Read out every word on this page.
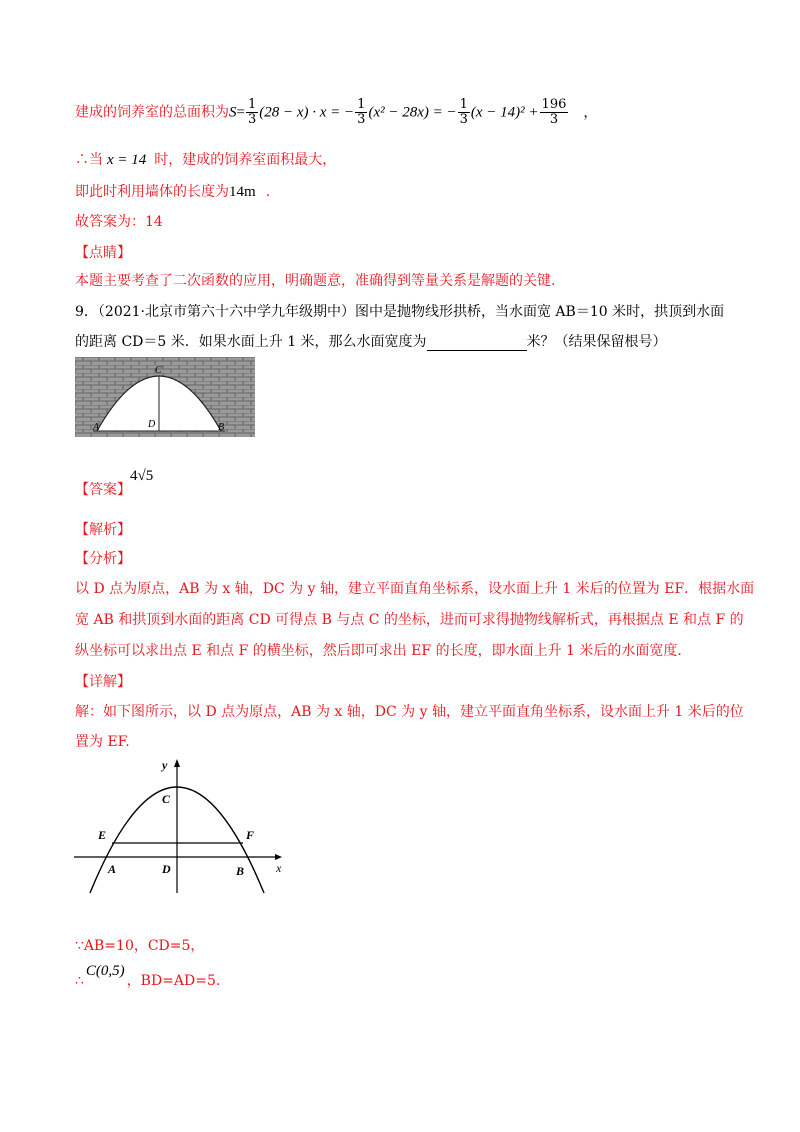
建成的饲养室的总面积为$S= \frac{1}{3} (28 - x) \cdot x$ = − $\frac{1}{3} (x^2 - 28x)$ = − $\frac{1}{3} (x - 14)^2 + \frac{196}{3}$ ，
∴当 x = 14 时，建成的饲养室面积最大，
即此时利用墙体的长度为14m .
故答案为：14
【点睛】
本题主要考查了二次函数的应用，明确题意，准确得到等量关系是解题的关键.
9．（2021·北京市第六十六中学九年级期中）图中是抛物线形拱桥，当水面宽 AB＝10 米时，拱顶到水面
的距离 CD＝5 米．如果水面上升 1 米，那么水面宽度为	米？（结果保留根号）
C
D
A	B
【答案】
4√5
【解析】
【分析】
以 D 点为原点，AB 为 x 轴，DC 为 y 轴，建立平面直角坐标系，设水面上升 1 米后的位置为 EF．根据水面
宽 AB 和拱顶到水面的距离 CD 可得点 B 与点 C 的坐标，进而可求得抛物线解析式，再根据点 E 和点 F 的
纵坐标可以求出点 E 和点 F 的横坐标，然后即可求出 EF 的长度，即水面上升 1 米后的水面宽度．
【详解】
解：如下图所示，以 D 点为原点，AB 为 x 轴，DC 为 y 轴，建立平面直角坐标系，设水面上升 1 米后的位
置为 EF.
y
x
C
E	F
A	D	B
∵AB=10，CD=5，
∴C(0,5)，BD=AD=5.
